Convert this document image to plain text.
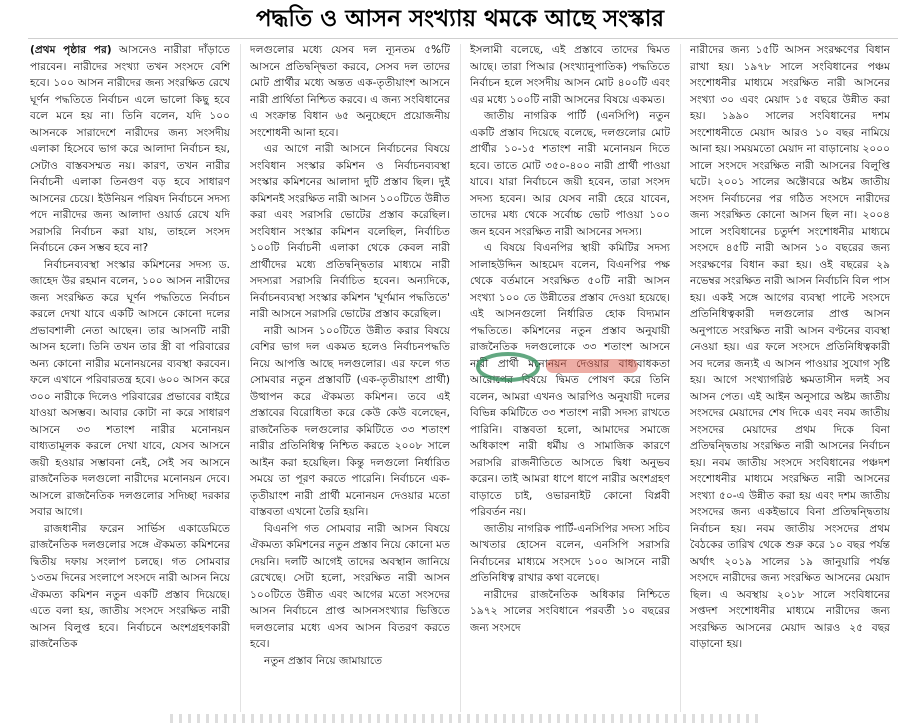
পদ্ধতি ও আসন সংখ্যায় থমকে আছে সংস্কার

(প্রথম পৃষ্ঠার পর) আসনেও নারীরা দাঁড়াতে পারবেন। নারীদের সংখ্যা তখন সংসদে বেশি হবে। ১০০ আসন নারীদের জন্য সংরক্ষিত রেখে ঘূর্ণন পদ্ধতিতে নির্বাচন এলে ভালো কিছু হবে বলে মনে হয় না। তিনি বলেন, যদি ১০০ আসনকে সারাদেশে নারীদের জন্য সংসদীয় এলাকা হিসেবে ভাগ করে আলাদা নির্বাচন হয়, সেটাও বাস্তবসম্মত নয়। কারণ, তখন নারীর নির্বাচনী এলাকা তিনগুণ বড় হবে সাধারণ আসনের চেয়ে। ইউনিয়ন পরিষদ নির্বাচনে সদস্য পদে নারীদের জন্য আলাদা ওয়ার্ড রেখে যদি সরাসরি নির্বাচন করা যায়, তাহলে সংসদ নির্বাচনে কেন সম্ভব হবে না?

নির্বাচনব্যবস্থা সংস্কার কমিশনের সদস্য ড. জাহেদ উর রহমান বলেন, ১০০ আসন নারীদের জন্য সংরক্ষিত করে ঘূর্ণন পদ্ধতিতে নির্বাচন করলে দেখা যাবে একটি আসনে কোনো দলের প্রভাবশালী নেতা আছেন। তার আসনটি নারী আসন হলো। তিনি তখন তার স্ত্রী বা পরিবারের অন্য কোনো নারীর মনোনয়নের ব্যবস্থা করবেন। ফলে এখানে পরিবারতন্ত্র হবে। ৬০০ আসন করে ৩০০ নারীকে দিলেও পরিবারের প্রভাবের বাইরে যাওয়া অসম্ভব। আবার কোটা না করে সাধারণ আসনে ৩৩ শতাংশ নারীর মনোনয়ন বাধ্যতামূলক করলে দেখা যাবে, যেসব আসনে জয়ী হওয়ার সম্ভাবনা নেই, সেই সব আসনে রাজনৈতিক দলগুলো নারীদের মনোনয়ন দেবে। আসলে রাজনৈতিক দলগুলোর সদিচ্ছা দরকার সবার আগে।

রাজধানীর ফরেন সার্ভিস একাডেমিতে রাজনৈতিক দলগুলোর সঙ্গে ঐকমত্য কমিশনের দ্বিতীয় দফায় সংলাপ চলছে। গত সোমবার ১৩তম দিনের সংলাপে সংসদে নারী আসন নিয়ে ঐকমত্য কমিশন নতুন একটি প্রস্তাব দিয়েছে। এতে বলা হয়, জাতীয় সংসদে সংরক্ষিত নারী আসন বিলুপ্ত হবে। নির্বাচনে অংশগ্রহণকারী রাজনৈতিক

দলগুলোর মধ্যে যেসব দল ন্যূনতম ৫%টি আসনে প্রতিদ্বন্দ্বিতা করবে, সেসব দল তাদের মোট প্রার্থীর মধ্যে অন্তত এক-তৃতীয়াংশ আসনে নারী প্রার্থিতা নিশ্চিত করবে। এ জন্য সংবিধানের এ সংক্রান্ত বিধান ৬৫ অনুচ্ছেদে প্রয়োজনীয় সংশোধনী আনা হবে।

এর আগে নারী আসনে নির্বাচনের বিষয়ে সংবিধান সংস্কার কমিশন ও নির্বাচনব্যবস্থা সংস্কার কমিশনের আলাদা দুটি প্রস্তাব ছিল। দুই কমিশনই সংরক্ষিত নারী আসন ১০০টিতে উন্নীত করা এবং সরাসরি ভোটের প্রস্তাব করেছিল। সংবিধান সংস্কার কমিশন বলেছিল, নির্বাচিত ১০০টি নির্বাচনী এলাকা থেকে কেবল নারী প্রার্থীদের মধ্যে প্রতিদ্বন্দ্বিতার মাধ্যমে নারী সদস্যরা সরাসরি নির্বাচিত হবেন। অন্যদিকে, নির্বাচনব্যবস্থা সংস্কার কমিশন 'ঘূর্ণমান পদ্ধতিতে' নারী আসনে সরাসরি ভোটের প্রস্তাব করেছিল।

নারী আসন ১০০টিতে উন্নীত করার বিষয়ে বেশির ভাগ দল একমত হলেও নির্বাচনপদ্ধতি নিয়ে আপত্তি আছে দলগুলোর। এর ফলে গত সোমবার নতুন প্রস্তাবটি (এক-তৃতীয়াংশ প্রার্থী) উত্থাপন করে ঐকমত্য কমিশন। তবে এই প্রস্তাবের বিরোধিতা করে কেউ কেউ বলেছেন, রাজনৈতিক দলগুলোর কমিটিতে ৩৩ শতাংশ নারীর প্রতিনিধিত্ব নিশ্চিত করতে ২০০৮ সালে আইন করা হয়েছিল। কিন্তু দলগুলো নির্ধারিত সময়ে তা পূরণ করতে পারেনি। নির্বাচনে এক-তৃতীয়াংশ নারী প্রার্থী মনোনয়ন দেওয়ার মতো বাস্তবতা এখনো তৈরি হয়নি।

বিএনপি গত সোমবার নারী আসন বিষয়ে ঐকমত্য কমিশনের নতুন প্রস্তাব নিয়ে কোনো মত দেয়নি। দলটি আগেই তাদের অবস্থান জানিয়ে রেখেছে। সেটা হলো, সংরক্ষিত নারী আসন ১০০টিতে উন্নীত এবং আগের মতো সংসদের আসন নির্বাচনে প্রাপ্ত আসনসংখ্যার ভিত্তিতে দলগুলোর মধ্যে এসব আসন বিতরণ করতে হবে।

নতুন প্রস্তাব নিয়ে জামায়াতে

ইসলামী বলেছে, এই প্রস্তাবে তাদের দ্বিমত আছে। তারা পিআর (সংখ্যানুপাতিক) পদ্ধতিতে নির্বাচন হলে সংসদীয় আসন মোট ৪০০টি এবং এর মধ্যে ১০০টি নারী আসনের বিষয়ে একমত।

জাতীয় নাগরিক পার্টি (এনসিপি) নতুন একটি প্রস্তাব দিয়েছে বলেছে, দলগুলোর মোট প্রার্থীর ১০-১৫ শতাংশ নারী মনোনয়ন দিতে হবে। তাতে মোট ৩৫০-৪০০ নারী প্রার্থী পাওয়া যাবে। যারা নির্বাচনে জয়ী হবেন, তারা সংসদ সদস্য হবেন। আর যেসব নারী হেরে যাবেন, তাদের মধ্য থেকে সর্বোচ্চ ভোট পাওয়া ১০০ জন হবেন সংরক্ষিত নারী আসনের সদস্য।

এ বিষয়ে বিএনপির স্থায়ী কমিটির সদস্য সালাহউদ্দিন আহমেদ বলেন, বিএনপির পক্ষ থেকে বর্তমানে সংরক্ষিত ৫০টি নারী আসন সংখ্যা ১০০ তে উন্নীতের প্রস্তাব দেওয়া হয়েছে। এই আসনগুলো নির্ধারিত হোক বিদ্যমান পদ্ধতিতে। কমিশনের নতুন প্রস্তাব অনুযায়ী রাজনৈতিক দলগুলোকে ৩৩ শতাংশ আসনে নারী প্রার্থী মনোনয়ন দেওয়ার বাধ্যবাধকতা আরোপের বিষয়ে দ্বিমত পোষণ করে তিনি বলেন, আমরা এখনও আরপিও অনুযায়ী দলের বিভিন্ন কমিটিতে ৩৩ শতাংশ নারী সদস্য রাখতে পারিনি। বাস্তবতা হলো, আমাদের সমাজে অধিকাংশ নারী ধর্মীয় ও সামাজিক কারণে সরাসরি রাজনীতিতে আসতে দ্বিধা অনুভব করেন। তাই আমরা ধাপে ধাপে নারীর অংশগ্রহণ বাড়াতে চাই, ওভারনাইট কোনো বিপ্লবী পরিবর্তন নয়।

জাতীয় নাগরিক পার্টি-এনসিপির সদস্য সচিব আখতার হোসেন বলেন, এনসিপি সরাসরি নির্বাচনের মাধ্যমে সংসদে ১০০ আসনে নারী প্রতিনিধিত্ব রাখার কথা বলেছে।

নারীদের রাজনৈতিক অধিকার নিশ্চিতে ১৯৭২ সালের সংবিধানে পরবর্তী ১০ বছরের জন্য সংসদে

নারীদের জন্য ১৫টি আসন সংরক্ষণের বিধান রাখা হয়। ১৯৭৮ সালে সংবিধানের পঞ্চম সংশোধনীর মাধ্যমে সংরক্ষিত নারী আসনের সংখ্যা ৩০ এবং মেয়াদ ১৫ বছরে উন্নীত করা হয়। ১৯৯০ সালের সংবিধানের দশম সংশোধনীতে মেয়াদ আরও ১০ বছর নামিয়ে আনা হয়। সময়মতো মেয়াদ না বাড়ানোয় ২০০০ সালে সংসদে সংরক্ষিত নারী আসনের বিলুপ্তি ঘটে। ২০০১ সালের অক্টোবরে অষ্টম জাতীয় সংসদ নির্বাচনের পর গঠিত সংসদে নারীদের জন্য সংরক্ষিত কোনো আসন ছিল না। ২০০৪ সালে সংবিধানের চতুর্দশ সংশোধনীর মাধ্যমে সংসদে ৪৫টি নারী আসন ১০ বছরের জন্য সংরক্ষণের বিধান করা হয়। ওই বছরের ২৯ নভেম্বর সংরক্ষিত নারী আসন নির্বাচনি বিল পাস হয়। একই সঙ্গে আগের ব্যবস্থা পাল্টে সংসদে প্রতিনিধিত্বকারী দলগুলোর প্রাপ্ত আসন অনুপাতে সংরক্ষিত নারী আসন বণ্টনের ব্যবস্থা নেওয়া হয়। এর ফলে সংসদে প্রতিনিধিত্বকারী সব দলের জন্যই এ আসন পাওয়ার সুযোগ সৃষ্টি হয়। আগে সংখ্যাগরিষ্ঠ ক্ষমতাসীন দলই সব আসন পেত। এই আইন অনুসারে অষ্টম জাতীয় সংসদের মেয়াদের শেষ দিকে এবং নবম জাতীয় সংসদের মেয়াদের প্রথম দিকে বিনা প্রতিদ্বন্দ্বিতায় সংরক্ষিত নারী আসনের নির্বাচন হয়। নবম জাতীয় সংসদে সংবিধানের পঞ্চদশ সংশোধনীর মাধ্যমে সংরক্ষিত নারী আসনের সংখ্যা ৫০-এ উন্নীত করা হয় এবং দশম জাতীয় সংসদের জন্য একইভাবে বিনা প্রতিদ্বন্দ্বিতায় নির্বাচন হয়। নবম জাতীয় সংসদের প্রথম বৈঠকের তারিখ থেকে শুরু করে ১০ বছর পর্যন্ত অর্থাৎ ২০১৯ সালের ১৯ জানুয়ারি পর্যন্ত সংসদে নারীদের জন্য সংরক্ষিত আসনের মেয়াদ ছিল। এ অবস্থায় ২০১৮ সালে সংবিধানের সপ্তদশ সংশোধনীর মাধ্যমে নারীদের জন্য সংরক্ষিত আসনের মেয়াদ আরও ২৫ বছর বাড়ানো হয়।
